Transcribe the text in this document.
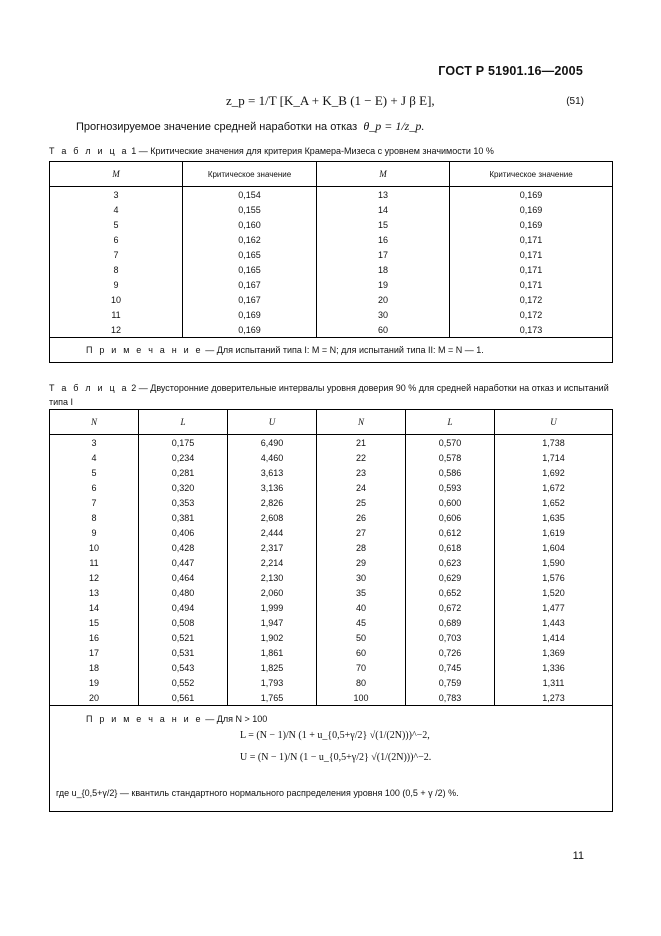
ГОСТ Р 51901.16—2005
z_p = 1/T [K_A + K_B (1 − E) + J β E],	(51)
Прогнозируемое значение средней наработки на отказ θ_p = 1/z_p.
Т а б л и ц а 1 — Критические значения для критерия Крамера-Мизеса с уровнем значимости 10 %
M	Критическое значение	M	Критическое значение
3	0,154	13	0,169
4	0,155	14	0,169
5	0,160	15	0,169
6	0,162	16	0,171
7	0,165	17	0,171
8	0,165	18	0,171
9	0,167	19	0,171
10	0,167	20	0,172
11	0,169	30	0,172
12	0,169	60	0,173
П р и м е ч а н и е — Для испытаний типа I: M = N; для испытаний типа II: M = N — 1.			
Т а б л и ц а 2 — Двусторонние доверительные интервалы уровня доверия 90 % для средней наработки на отказ и испытаний типа I
N	L	U	N	L	U
3	0,175	6,490	21	0,570	1,738
4	0,234	4,460	22	0,578	1,714
5	0,281	3,613	23	0,586	1,692
6	0,320	3,136	24	0,593	1,672
7	0,353	2,826	25	0,600	1,652
8	0,381	2,608	26	0,606	1,635
9	0,406	2,444	27	0,612	1,619
10	0,428	2,317	28	0,618	1,604
11	0,447	2,214	29	0,623	1,590
12	0,464	2,130	30	0,629	1,576
13	0,480	2,060	35	0,652	1,520
14	0,494	1,999	40	0,672	1,477
15	0,508	1,947	45	0,689	1,443
16	0,521	1,902	50	0,703	1,414
17	0,531	1,861	60	0,726	1,369
18	0,543	1,825	70	0,745	1,336
19	0,552	1,793	80	0,759	1,311
20	0,561	1,765	100	0,783	1,273

П р и м е ч а н и е — Для N > 100
L = (N − 1)/N (1 + u_{0,5+γ/2} √(1/(2N)))^−2,
U = (N − 1)/N (1 − u_{0,5+γ/2} √(1/(2N)))^−2.
где u_{0,5+γ/2} — квантиль стандартного нормального распределения уровня 100 (0,5 + γ /2) %.					
11
